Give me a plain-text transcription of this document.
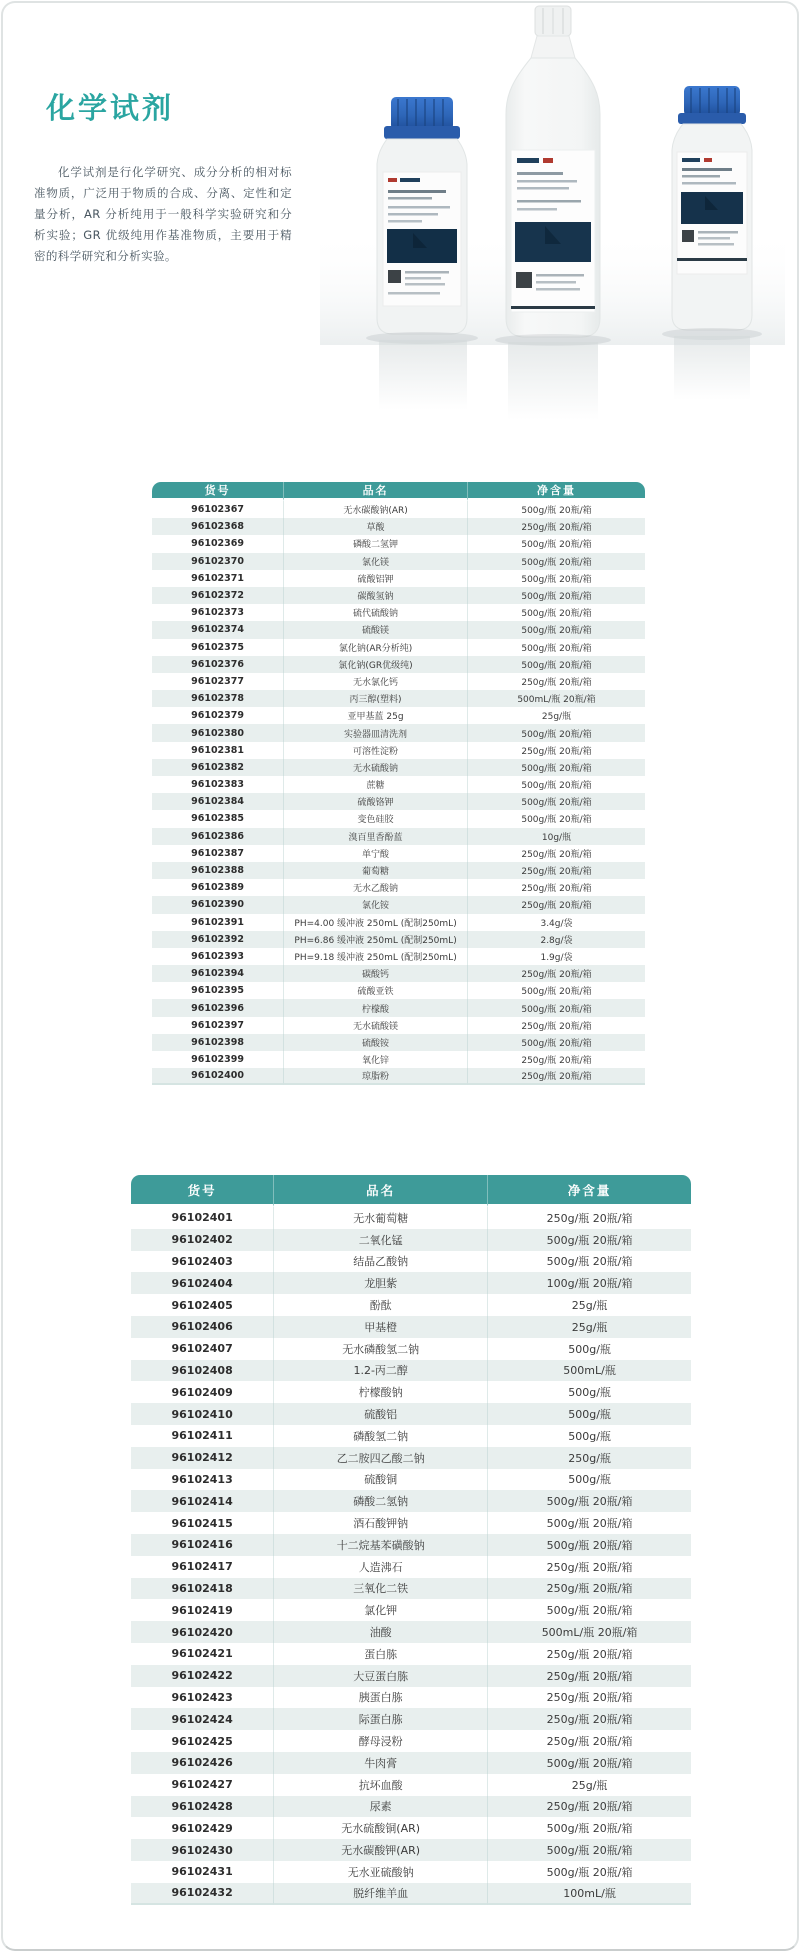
化学试剂

化学试剂是行化学研究、成分分析的相对标准物质，广泛用于物质的合成、分离、定性和定量分析，AR 分析纯用于一般科学实验研究和分析实验；GR 优级纯用作基准物质，主要用于精密的科学研究和分析实验。

货号	品名	净含量
96102367	无水碳酸钠(AR)	500g/瓶 20瓶/箱
96102368	草酸	250g/瓶 20瓶/箱
96102369	磷酸二氢钾	500g/瓶 20瓶/箱
96102370	氯化镁	500g/瓶 20瓶/箱
96102371	硫酸铝钾	500g/瓶 20瓶/箱
96102372	碳酸氢钠	500g/瓶 20瓶/箱
96102373	硫代硫酸钠	500g/瓶 20瓶/箱
96102374	硫酸镁	500g/瓶 20瓶/箱
96102375	氯化钠(AR分析纯)	500g/瓶 20瓶/箱
96102376	氯化钠(GR优级纯)	500g/瓶 20瓶/箱
96102377	无水氯化钙	250g/瓶 20瓶/箱
96102378	丙三醇(塑料)	500mL/瓶 20瓶/箱
96102379	亚甲基蓝 25g	25g/瓶
96102380	实验器皿清洗剂	500g/瓶 20瓶/箱
96102381	可溶性淀粉	250g/瓶 20瓶/箱
96102382	无水硫酸钠	500g/瓶 20瓶/箱
96102383	蔗糖	500g/瓶 20瓶/箱
96102384	硫酸铬钾	500g/瓶 20瓶/箱
96102385	变色硅胶	500g/瓶 20瓶/箱
96102386	溴百里香酚蓝	10g/瓶
96102387	单宁酸	250g/瓶 20瓶/箱
96102388	葡萄糖	250g/瓶 20瓶/箱
96102389	无水乙酸钠	250g/瓶 20瓶/箱
96102390	氯化铵	250g/瓶 20瓶/箱
96102391	PH=4.00 缓冲液 250mL (配制250mL)	3.4g/袋
96102392	PH=6.86 缓冲液 250mL (配制250mL)	2.8g/袋
96102393	PH=9.18 缓冲液 250mL (配制250mL)	1.9g/袋
96102394	碳酸钙	250g/瓶 20瓶/箱
96102395	硫酸亚铁	500g/瓶 20瓶/箱
96102396	柠檬酸	500g/瓶 20瓶/箱
96102397	无水硫酸镁	250g/瓶 20瓶/箱
96102398	硫酸铵	500g/瓶 20瓶/箱
96102399	氧化锌	250g/瓶 20瓶/箱
96102400	琼脂粉	250g/瓶 20瓶/箱
货号	品名	净含量
96102401	无水葡萄糖	250g/瓶 20瓶/箱
96102402	二氧化锰	500g/瓶 20瓶/箱
96102403	结晶乙酸钠	500g/瓶 20瓶/箱
96102404	龙胆紫	100g/瓶 20瓶/箱
96102405	酚酞	25g/瓶
96102406	甲基橙	25g/瓶
96102407	无水磷酸氢二钠	500g/瓶
96102408	1.2-丙二醇	500mL/瓶
96102409	柠檬酸钠	500g/瓶
96102410	硫酸铝	500g/瓶
96102411	磷酸氢二钠	500g/瓶
96102412	乙二胺四乙酸二钠	250g/瓶
96102413	硫酸铜	500g/瓶
96102414	磷酸二氢钠	500g/瓶 20瓶/箱
96102415	酒石酸钾钠	500g/瓶 20瓶/箱
96102416	十二烷基苯磺酸钠	500g/瓶 20瓶/箱
96102417	人造沸石	250g/瓶 20瓶/箱
96102418	三氧化二铁	250g/瓶 20瓶/箱
96102419	氯化钾	500g/瓶 20瓶/箱
96102420	油酸	500mL/瓶 20瓶/箱
96102421	蛋白胨	250g/瓶 20瓶/箱
96102422	大豆蛋白胨	250g/瓶 20瓶/箱
96102423	胰蛋白胨	250g/瓶 20瓶/箱
96102424	际蛋白胨	250g/瓶 20瓶/箱
96102425	酵母浸粉	250g/瓶 20瓶/箱
96102426	牛肉膏	500g/瓶 20瓶/箱
96102427	抗坏血酸	25g/瓶
96102428	尿素	250g/瓶 20瓶/箱
96102429	无水硫酸铜(AR)	500g/瓶 20瓶/箱
96102430	无水碳酸钾(AR)	500g/瓶 20瓶/箱
96102431	无水亚硫酸钠	500g/瓶 20瓶/箱
96102432	脱纤维羊血	100mL/瓶
